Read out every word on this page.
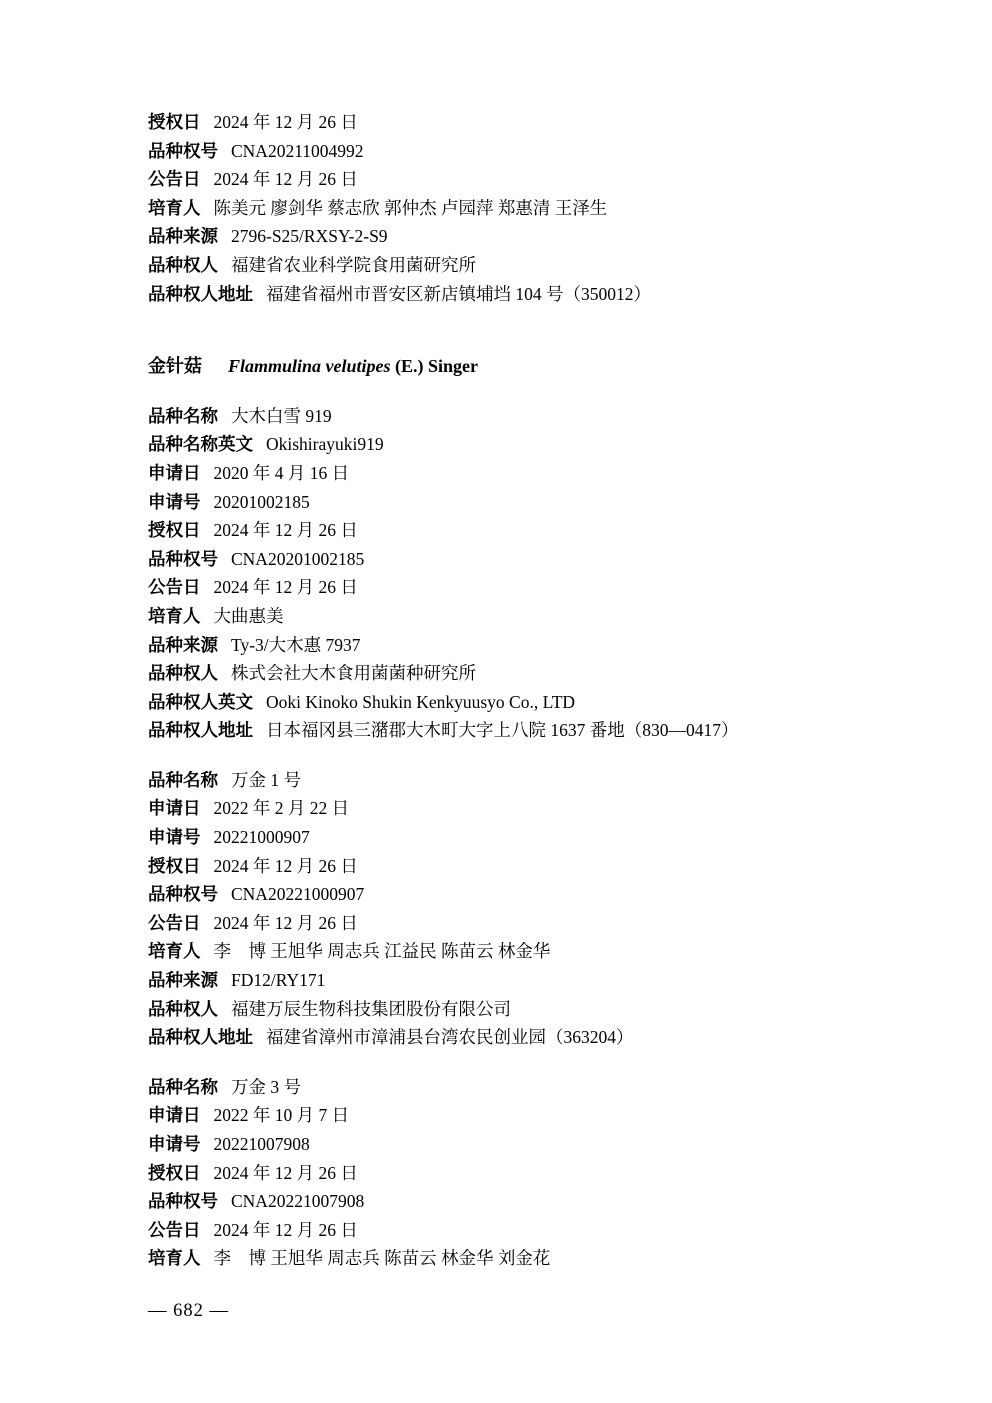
授权日 2024 年 12 月 26 日
品种权号 CNA20211004992
公告日 2024 年 12 月 26 日
培育人 陈美元 廖剑华 蔡志欣 郭仲杰 卢园萍 郑惠清 王泽生
品种来源 2796-S25/RXSY-2-S9
品种权人 福建省农业科学院食用菌研究所
品种权人地址 福建省福州市晋安区新店镇埔垱 104 号（350012）
金针菇 Flammulina velutipes (E.) Singer
品种名称 大木白雪 919
品种名称英文 Okishirayuki919
申请日 2020 年 4 月 16 日
申请号 20201002185
授权日 2024 年 12 月 26 日
品种权号 CNA20201002185
公告日 2024 年 12 月 26 日
培育人 大曲惠美
品种来源 Ty-3/大木惠 7937
品种权人 株式会社大木食用菌菌种研究所
品种权人英文 Ooki Kinoko Shukin Kenkyuusyo Co., LTD
品种权人地址 日本福冈县三潴郡大木町大字上八院 1637 番地（830—0417）
品种名称 万金 1 号
申请日 2022 年 2 月 22 日
申请号 20221000907
授权日 2024 年 12 月 26 日
品种权号 CNA20221000907
公告日 2024 年 12 月 26 日
培育人 李　博 王旭华 周志兵 江益民 陈苗云 林金华
品种来源 FD12/RY171
品种权人 福建万辰生物科技集团股份有限公司
品种权人地址 福建省漳州市漳浦县台湾农民创业园（363204）
品种名称 万金 3 号
申请日 2022 年 10 月 7 日
申请号 20221007908
授权日 2024 年 12 月 26 日
品种权号 CNA20221007908
公告日 2024 年 12 月 26 日
培育人 李　博 王旭华 周志兵 陈苗云 林金华 刘金花
— 682 —
